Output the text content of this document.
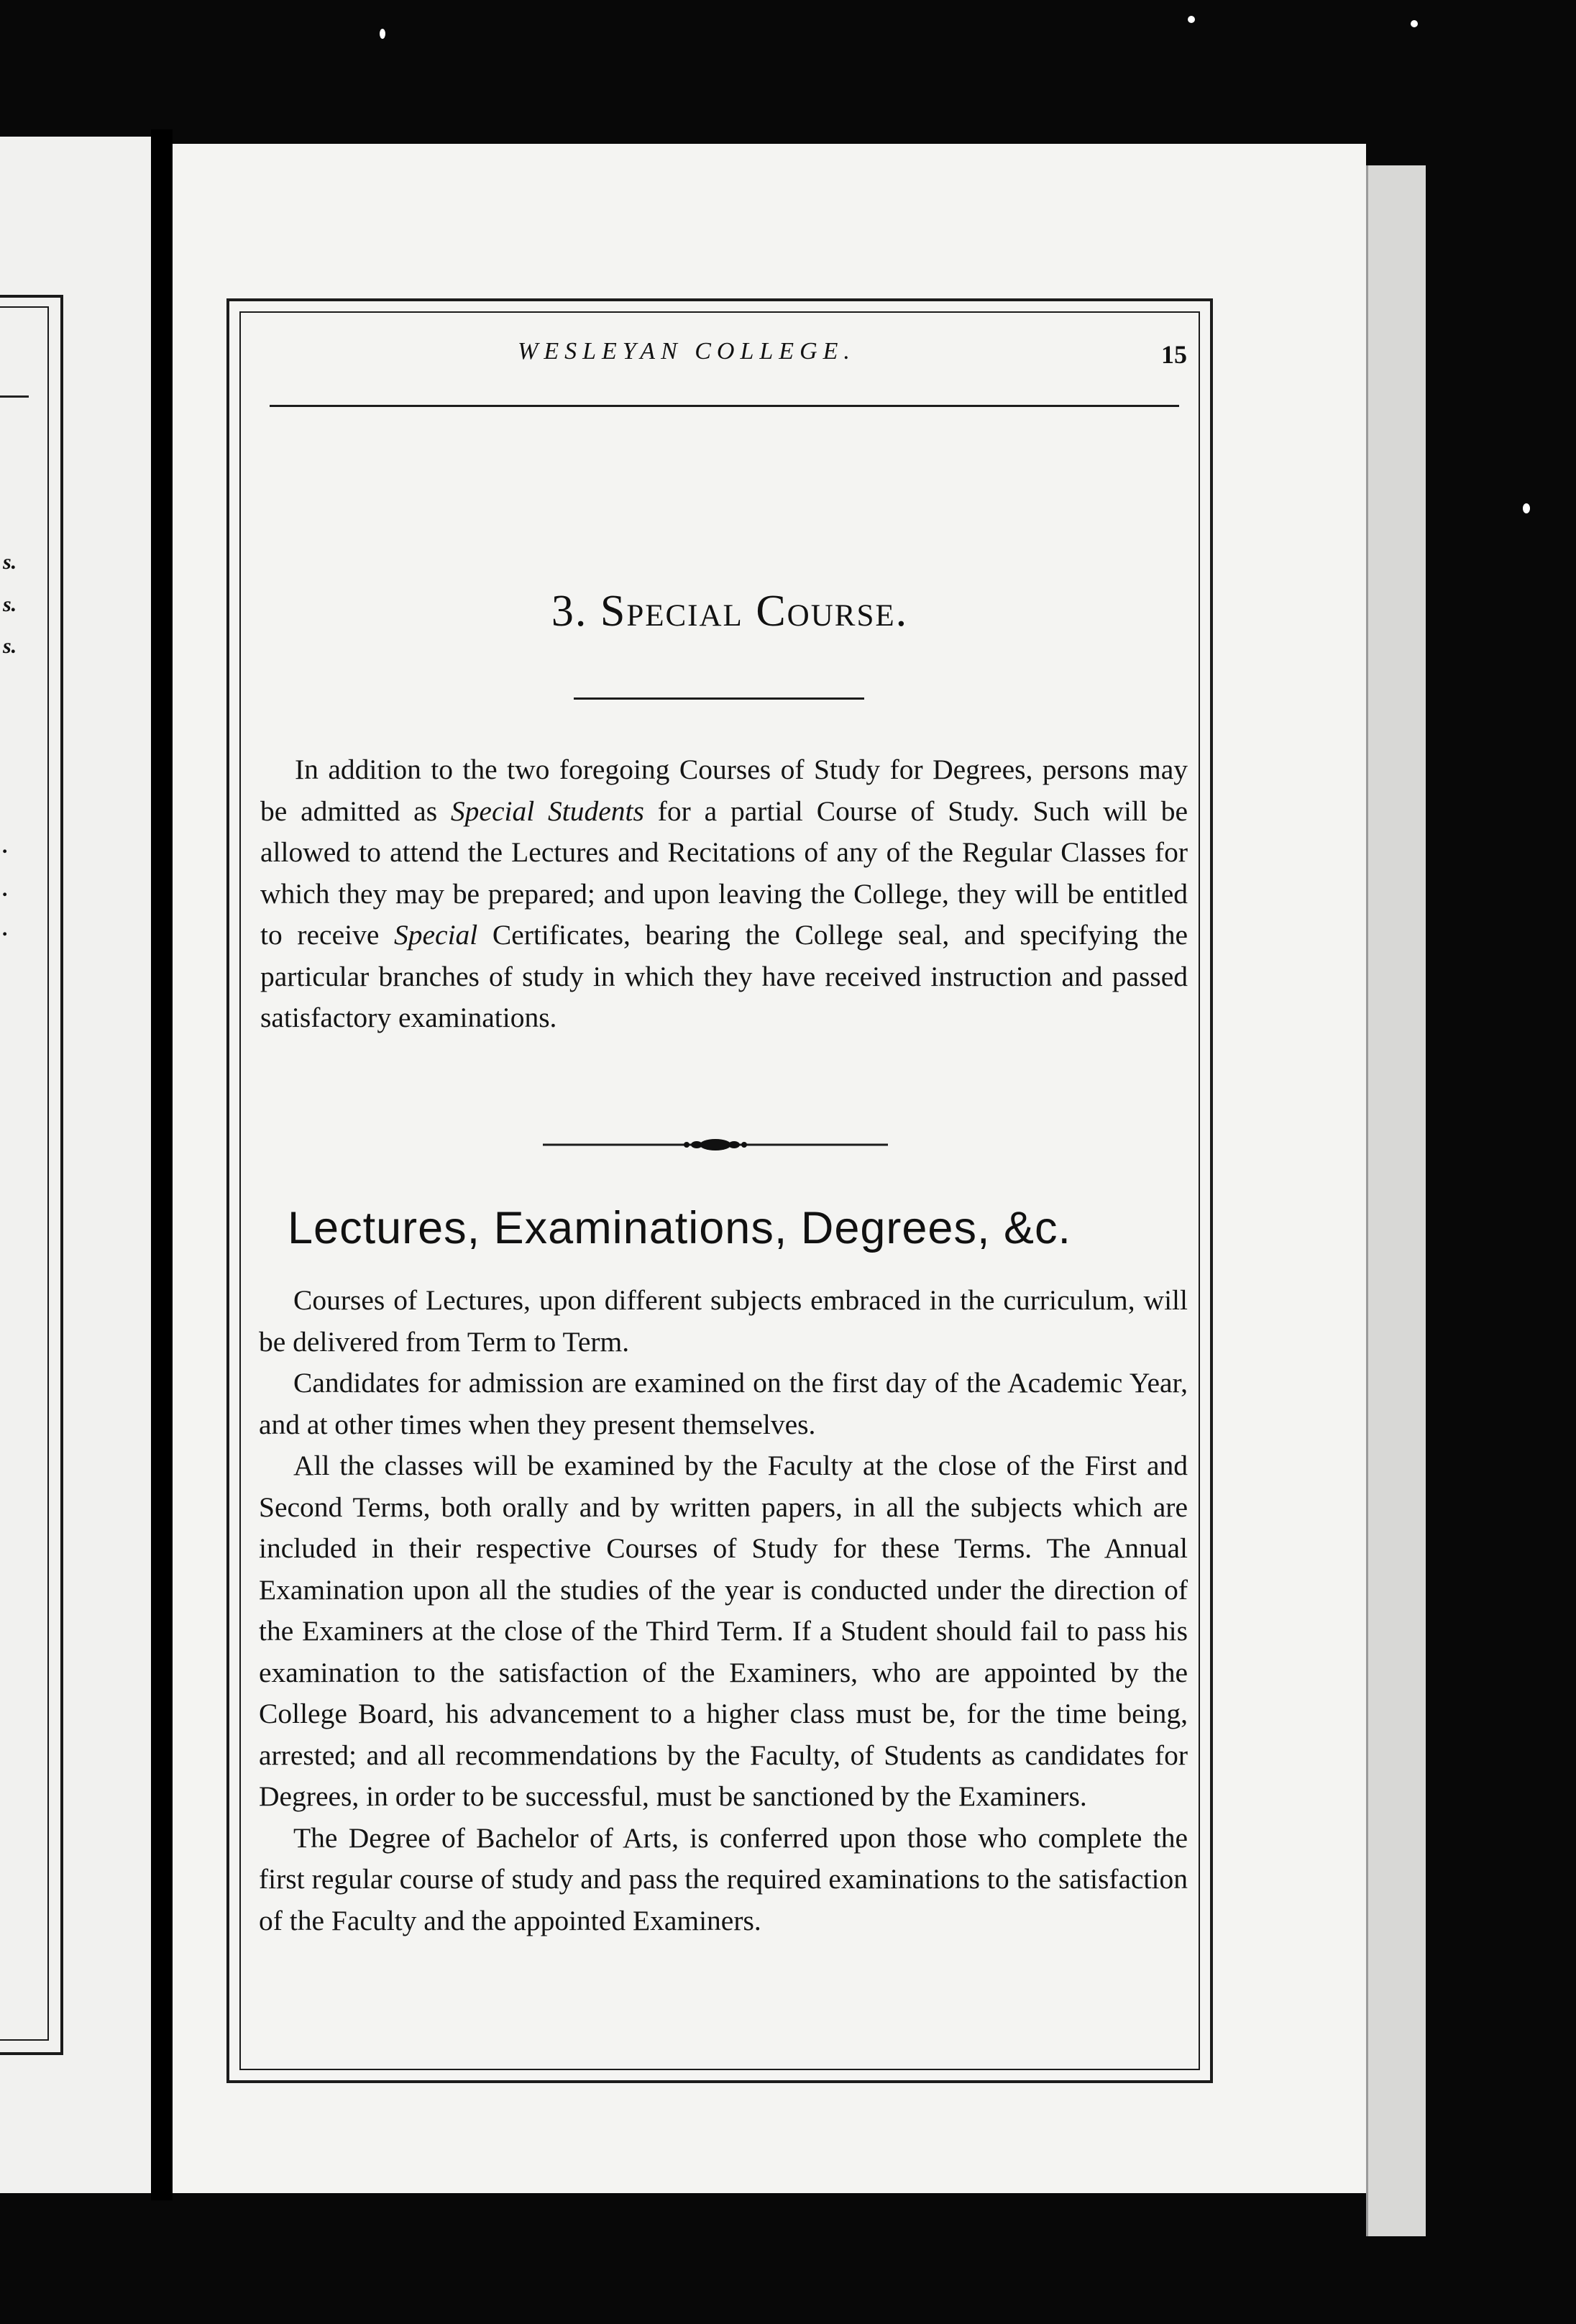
s.
s.
s.
.
.
.
WESLEYAN COLLEGE.	15
3. Special Course.

In addition to the two foregoing Courses of Study for Degrees, persons may be admitted as Special Students for a partial Course of Study. Such will be allowed to attend the Lectures and Recitations of any of the Regular Classes for which they may be prepared; and upon leaving the College, they will be entitled to receive Special Certificates, bearing the College seal, and specifying the particular branches of study in which they have received instruction and passed satisfactory examinations.

Lectures, Examinations, Degrees, &c.

Courses of Lectures, upon different subjects embraced in the curriculum, will be delivered from Term to Term.

Candidates for admission are examined on the first day of the Academic Year, and at other times when they present themselves.

All the classes will be examined by the Faculty at the close of the First and Second Terms, both orally and by written papers, in all the subjects which are included in their respective Courses of Study for these Terms. The Annual Examination upon all the studies of the year is conducted under the direction of the Examiners at the close of the Third Term. If a Student should fail to pass his examination to the satisfaction of the Examiners, who are appointed by the College Board, his advancement to a higher class must be, for the time being, arrested; and all recommendations by the Faculty, of Students as candidates for Degrees, in order to be successful, must be sanctioned by the Examiners.

The Degree of Bachelor of Arts, is conferred upon those who complete the first regular course of study and pass the required examinations to the satisfaction of the Faculty and the appointed Examiners.
